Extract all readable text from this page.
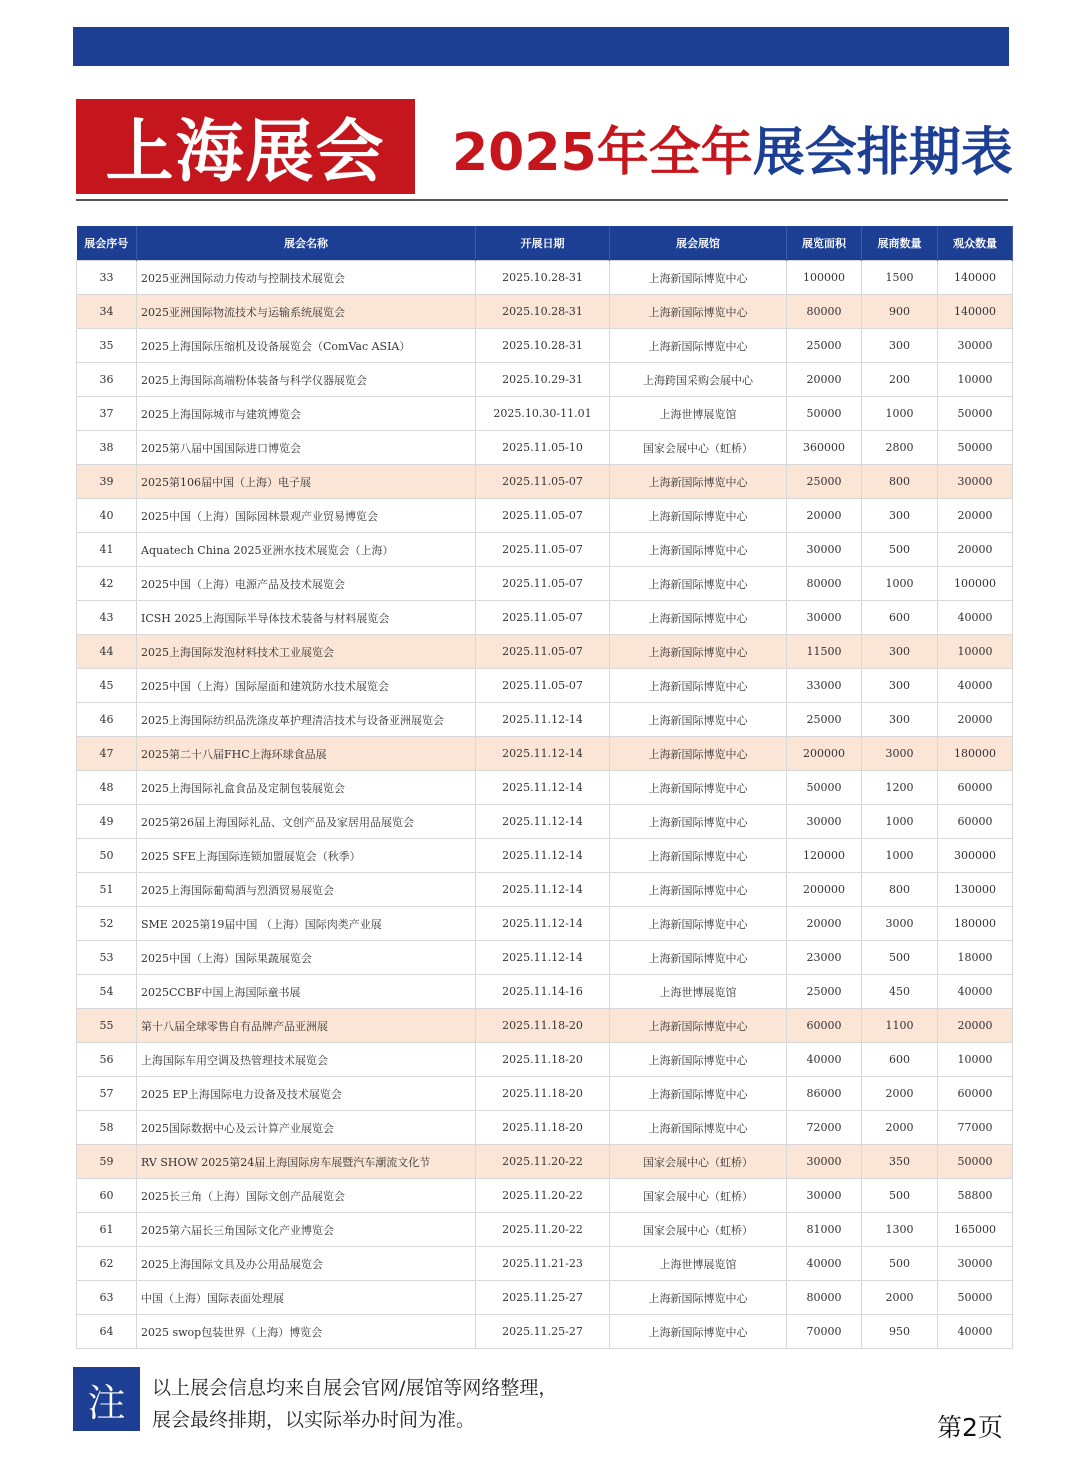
上海展会	2025年全年 展会排期表
展会序号	展会名称	开展日期	展会展馆	展览面积	展商数量	观众数量
33	2025亚洲国际动力传动与控制技术展览会	2025.10.28-31	上海新国际博览中心	100000	1500	140000
34	2025亚洲国际物流技术与运输系统展览会	2025.10.28-31	上海新国际博览中心	80000	900	140000
35	2025上海国际压缩机及设备展览会（ComVac ASIA）	2025.10.28-31	上海新国际博览中心	25000	300	30000
36	2025上海国际高端粉体装备与科学仪器展览会	2025.10.29-31	上海跨国采购会展中心	20000	200	10000
37	2025上海国际城市与建筑博览会	2025.10.30-11.01	上海世博展览馆	50000	1000	50000
38	2025第八届中国国际进口博览会	2025.11.05-10	国家会展中心（虹桥）	360000	2800	50000
39	2025第106届中国（上海）电子展	2025.11.05-07	上海新国际博览中心	25000	800	30000
40	2025中国（上海）国际园林景观产业贸易博览会	2025.11.05-07	上海新国际博览中心	20000	300	20000
41	Aquatech China 2025亚洲水技术展览会（上海）	2025.11.05-07	上海新国际博览中心	30000	500	20000
42	2025中国（上海）电源产品及技术展览会	2025.11.05-07	上海新国际博览中心	80000	1000	100000
43	ICSH 2025上海国际半导体技术装备与材料展览会	2025.11.05-07	上海新国际博览中心	30000	600	40000
44	2025上海国际发泡材料技术工业展览会	2025.11.05-07	上海新国际博览中心	11500	300	10000
45	2025中国（上海）国际屋面和建筑防水技术展览会	2025.11.05-07	上海新国际博览中心	33000	300	40000
46	2025上海国际纺织品洗涤皮革护理清洁技术与设备亚洲展览会	2025.11.12-14	上海新国际博览中心	25000	300	20000
47	2025第二十八届FHC上海环球食品展	2025.11.12-14	上海新国际博览中心	200000	3000	180000
48	2025上海国际礼盒食品及定制包装展览会	2025.11.12-14	上海新国际博览中心	50000	1200	60000
49	2025第26届上海国际礼品、文创产品及家居用品展览会	2025.11.12-14	上海新国际博览中心	30000	1000	60000
50	2025 SFE上海国际连锁加盟展览会（秋季）	2025.11.12-14	上海新国际博览中心	120000	1000	300000
51	2025上海国际葡萄酒与烈酒贸易展览会	2025.11.12-14	上海新国际博览中心	200000	800	130000
52	SME 2025第19届中国 （上海）国际肉类产业展	2025.11.12-14	上海新国际博览中心	20000	3000	180000
53	2025中国（上海）国际果蔬展览会	2025.11.12-14	上海新国际博览中心	23000	500	18000
54	2025CCBF中国上海国际童书展	2025.11.14-16	上海世博展览馆	25000	450	40000
55	第十八届全球零售自有品牌产品亚洲展	2025.11.18-20	上海新国际博览中心	60000	1100	20000
56	上海国际车用空调及热管理技术展览会	2025.11.18-20	上海新国际博览中心	40000	600	10000
57	2025 EP上海国际电力设备及技术展览会	2025.11.18-20	上海新国际博览中心	86000	2000	60000
58	2025国际数据中心及云计算产业展览会	2025.11.18-20	上海新国际博览中心	72000	2000	77000
59	RV SHOW 2025第24届上海国际房车展暨汽车潮流文化节	2025.11.20-22	国家会展中心（虹桥）	30000	350	50000
60	2025长三角（上海）国际文创产品展览会	2025.11.20-22	国家会展中心（虹桥）	30000	500	58800
61	2025第六届长三角国际文化产业博览会	2025.11.20-22	国家会展中心（虹桥）	81000	1300	165000
62	2025上海国际文具及办公用品展览会	2025.11.21-23	上海世博展览馆	40000	500	30000
63	中国（上海）国际表面处理展	2025.11.25-27	上海新国际博览中心	80000	2000	50000
64	2025 swop包装世界（上海）博览会	2025.11.25-27	上海新国际博览中心	70000	950	40000
注	以上展会信息均来自展会官网/展馆等网络整理，
展会最终排期，以实际举办时间为准。	第2页
